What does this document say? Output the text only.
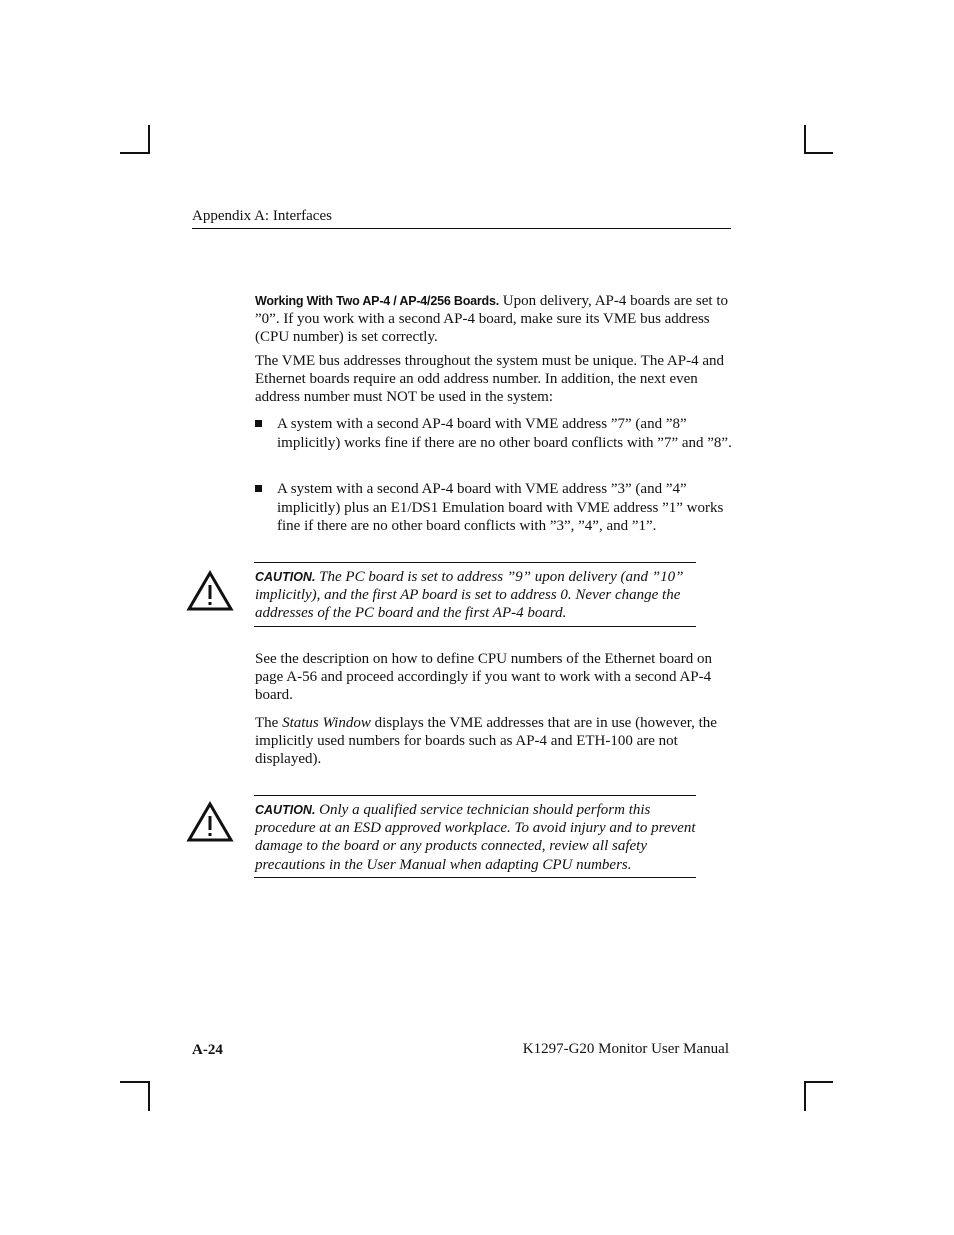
Appendix A: Interfaces

Working With Two AP-4 / AP-4/256 Boards. Upon delivery, AP-4 boards are set to ”0”. If you work with a second AP-4 board, make sure its VME bus address (CPU number) is set correctly.

The VME bus addresses throughout the system must be unique. The AP-4 and Ethernet boards require an odd address number. In addition, the next even address number must NOT be used in the system:

A system with a second AP-4 board with VME address ”7” (and ”8” implicitly) works fine if there are no other board conflicts with ”7” and ”8”.
A system with a second AP-4 board with VME address ”3” (and ”4” implicitly) plus an E1/DS1 Emulation board with VME address ”1” works fine if there are no other board conflicts with ”3”, ”4”, and ”1”.
CAUTION. The PC board is set to address ”9” upon delivery (and ”10” implicitly), and the first AP board is set to address 0. Never change the addresses of the PC board and the first AP-4 board.

See the description on how to define CPU numbers of the Ethernet board on page A-56 and proceed accordingly if you want to work with a second AP-4 board.

The Status Window displays the VME addresses that are in use (however, the implicitly used numbers for boards such as AP-4 and ETH-100 are not displayed).

CAUTION. Only a qualified service technician should perform this procedure at an ESD approved workplace. To avoid injury and to prevent damage to the board or any products connected, review all safety precautions in the User Manual when adapting CPU numbers.
A-24	K1297-G20 Monitor User Manual
